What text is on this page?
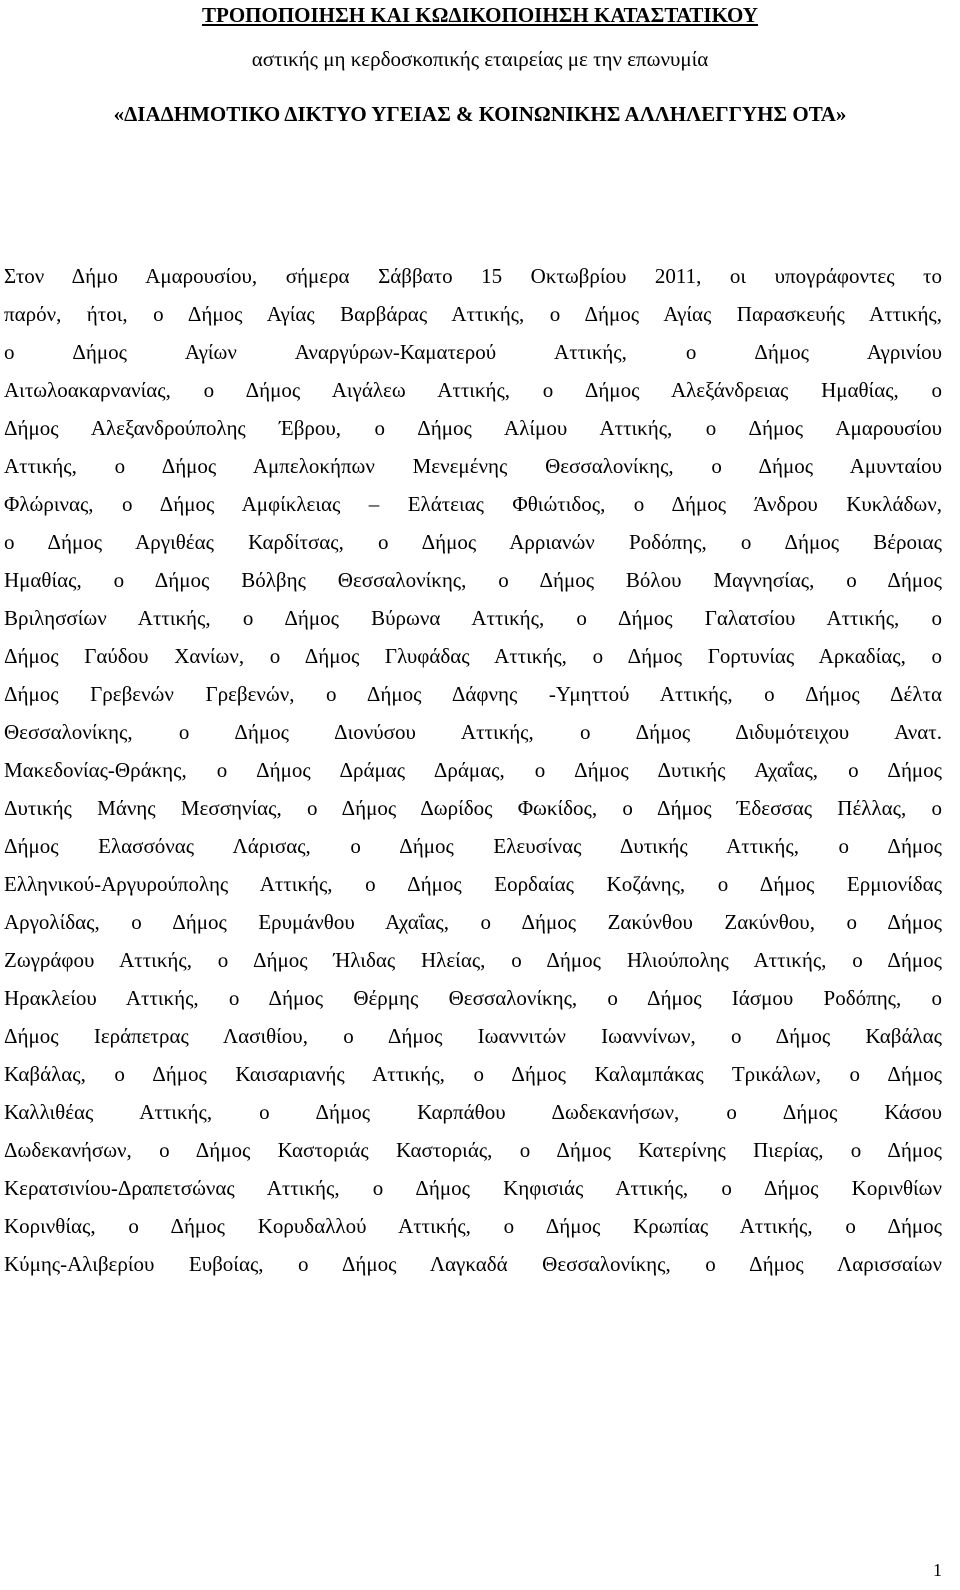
ΤΡΟΠΟΠΟΙΗΣΗ ΚΑΙ ΚΩΔΙΚΟΠΟΙΗΣΗ ΚΑΤΑΣΤΑΤΙΚΟΥ
αστικής μη κερδοσκοπικής εταιρείας με την επωνυμία
«ΔΙΑΔΗΜΟΤΙΚΟ ΔΙΚΤΥΟ ΥΓΕΙΑΣ & ΚΟΙΝΩΝΙΚΗΣ ΑΛΛΗΛΕΓΓΥΗΣ ΟΤΑ»
Στον Δήμο Αμαρουσίου, σήμερα Σάββατο 15 Οκτωβρίου 2011, οι υπογράφοντες το
παρόν, ήτοι, ο Δήμος Αγίας Βαρβάρας Αττικής, ο Δήμος Αγίας Παρασκευής Αττικής,
ο Δήμος Αγίων Αναργύρων-Καματερού Αττικής, ο Δήμος Αγρινίου
Αιτωλοακαρνανίας, ο Δήμος Αιγάλεω Αττικής, ο Δήμος Αλεξάνδρειας Ημαθίας, ο
Δήμος Αλεξανδρούπολης Έβρου, ο Δήμος Αλίμου Αττικής, ο Δήμος Αμαρουσίου
Αττικής, ο Δήμος Αμπελοκήπων Μενεμένης Θεσσαλονίκης, ο Δήμος Αμυνταίου
Φλώρινας, ο Δήμος Αμφίκλειας – Ελάτειας Φθιώτιδος, ο Δήμος Άνδρου Κυκλάδων,
ο Δήμος Αργιθέας Καρδίτσας, ο Δήμος Αρριανών Ροδόπης, ο Δήμος Βέροιας
Ημαθίας, ο Δήμος Βόλβης Θεσσαλονίκης, ο Δήμος Βόλου Μαγνησίας, ο Δήμος
Βριλησσίων Αττικής, ο Δήμος Βύρωνα Αττικής, ο Δήμος Γαλατσίου Αττικής, ο
Δήμος Γαύδου Χανίων, ο Δήμος Γλυφάδας Αττικής, ο Δήμος Γορτυνίας Αρκαδίας, ο
Δήμος Γρεβενών Γρεβενών, ο Δήμος Δάφνης -Υμηττού Αττικής, ο Δήμος Δέλτα
Θεσσαλονίκης, ο Δήμος Διονύσου Αττικής, ο Δήμος Διδυμότειχου Ανατ.
Μακεδονίας-Θράκης, ο Δήμος Δράμας Δράμας, ο Δήμος Δυτικής Αχαΐας, ο Δήμος
Δυτικής Μάνης Μεσσηνίας, ο Δήμος Δωρίδος Φωκίδος, ο Δήμος Έδεσσας Πέλλας, ο
Δήμος Ελασσόνας Λάρισας, ο Δήμος Ελευσίνας Δυτικής Αττικής, ο Δήμος
Ελληνικού-Αργυρούπολης Αττικής, ο Δήμος Εορδαίας Κοζάνης, ο Δήμος Ερμιονίδας
Αργολίδας, ο Δήμος Ερυμάνθου Αχαΐας, ο Δήμος Ζακύνθου Ζακύνθου, ο Δήμος
Ζωγράφου Αττικής, ο Δήμος Ήλιδας Ηλείας, ο Δήμος Ηλιούπολης Αττικής, ο Δήμος
Ηρακλείου Αττικής, ο Δήμος Θέρμης Θεσσαλονίκης, ο Δήμος Ιάσμου Ροδόπης, ο
Δήμος Ιεράπετρας Λασιθίου, ο Δήμος Ιωαννιτών Ιωαννίνων, ο Δήμος Καβάλας
Καβάλας, ο Δήμος Καισαριανής Αττικής, ο Δήμος Καλαμπάκας Τρικάλων, ο Δήμος
Καλλιθέας Αττικής, ο Δήμος Καρπάθου Δωδεκανήσων, ο Δήμος Κάσου
Δωδεκανήσων, ο Δήμος Καστοριάς Καστοριάς, ο Δήμος Κατερίνης Πιερίας, ο Δήμος
Κερατσινίου-Δραπετσώνας Αττικής, ο Δήμος Κηφισιάς Αττικής, ο Δήμος Κορινθίων
Κορινθίας, ο Δήμος Κορυδαλλού Αττικής, ο Δήμος Κρωπίας Αττικής, ο Δήμος
Κύμης-Αλιβερίου Ευβοίας, ο Δήμος Λαγκαδά Θεσσαλονίκης, ο Δήμος Λαρισσαίων
1
